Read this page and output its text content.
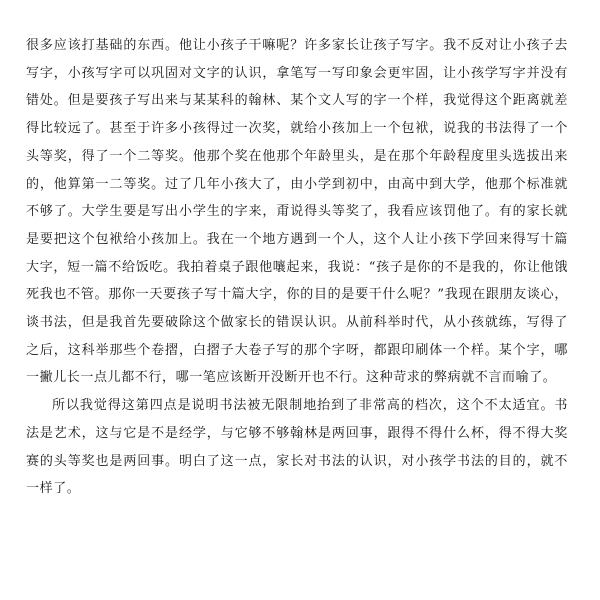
很多应该打基础的东西。他让小孩子干嘛呢？许多家长让孩子写字。我不反对让小孩子去写字，小孩写字可以巩固对文字的认识，拿笔写一写印象会更牢固，让小孩学写字并没有错处。但是要孩子写出来与某某科的翰林、某个文人写的字一个样，我觉得这个距离就差得比较远了。甚至于许多小孩得过一次奖，就给小孩加上一个包袱，说我的书法得了一个头等奖，得了一个二等奖。他那个奖在他那个年龄里头，是在那个年龄程度里头选拔出来的，他算第一二等奖。过了几年小孩大了，由小学到初中，由高中到大学，他那个标准就不够了。大学生要是写出小学生的字来，甭说得头等奖了，我看应该罚他了。有的家长就是要把这个包袱给小孩加上。我在一个地方遇到一个人，这个人让小孩下学回来得写十篇大字，短一篇不给饭吃。我拍着桌子跟他嚷起来，我说：“孩子是你的不是我的，你让他饿死我也不管。那你一天要孩子写十篇大字，你的目的是要干什么呢？”我现在跟朋友谈心，谈书法，但是我首先要破除这个做家长的错误认识。从前科举时代，从小孩就练，写得了之后，这科举那些个卷摺，白摺子大卷子写的那个字呀，都跟印刷体一个样。某个字，哪一撇儿长一点儿都不行，哪一笔应该断开没断开也不行。这种苛求的弊病就不言而喻了。

所以我觉得这第四点是说明书法被无限制地抬到了非常高的档次，这个不太适宜。书法是艺术，这与它是不是经学，与它够不够翰林是两回事，跟得不得什么杯，得不得大奖赛的头等奖也是两回事。明白了这一点，家长对书法的认识，对小孩学书法的目的，就不一样了。
